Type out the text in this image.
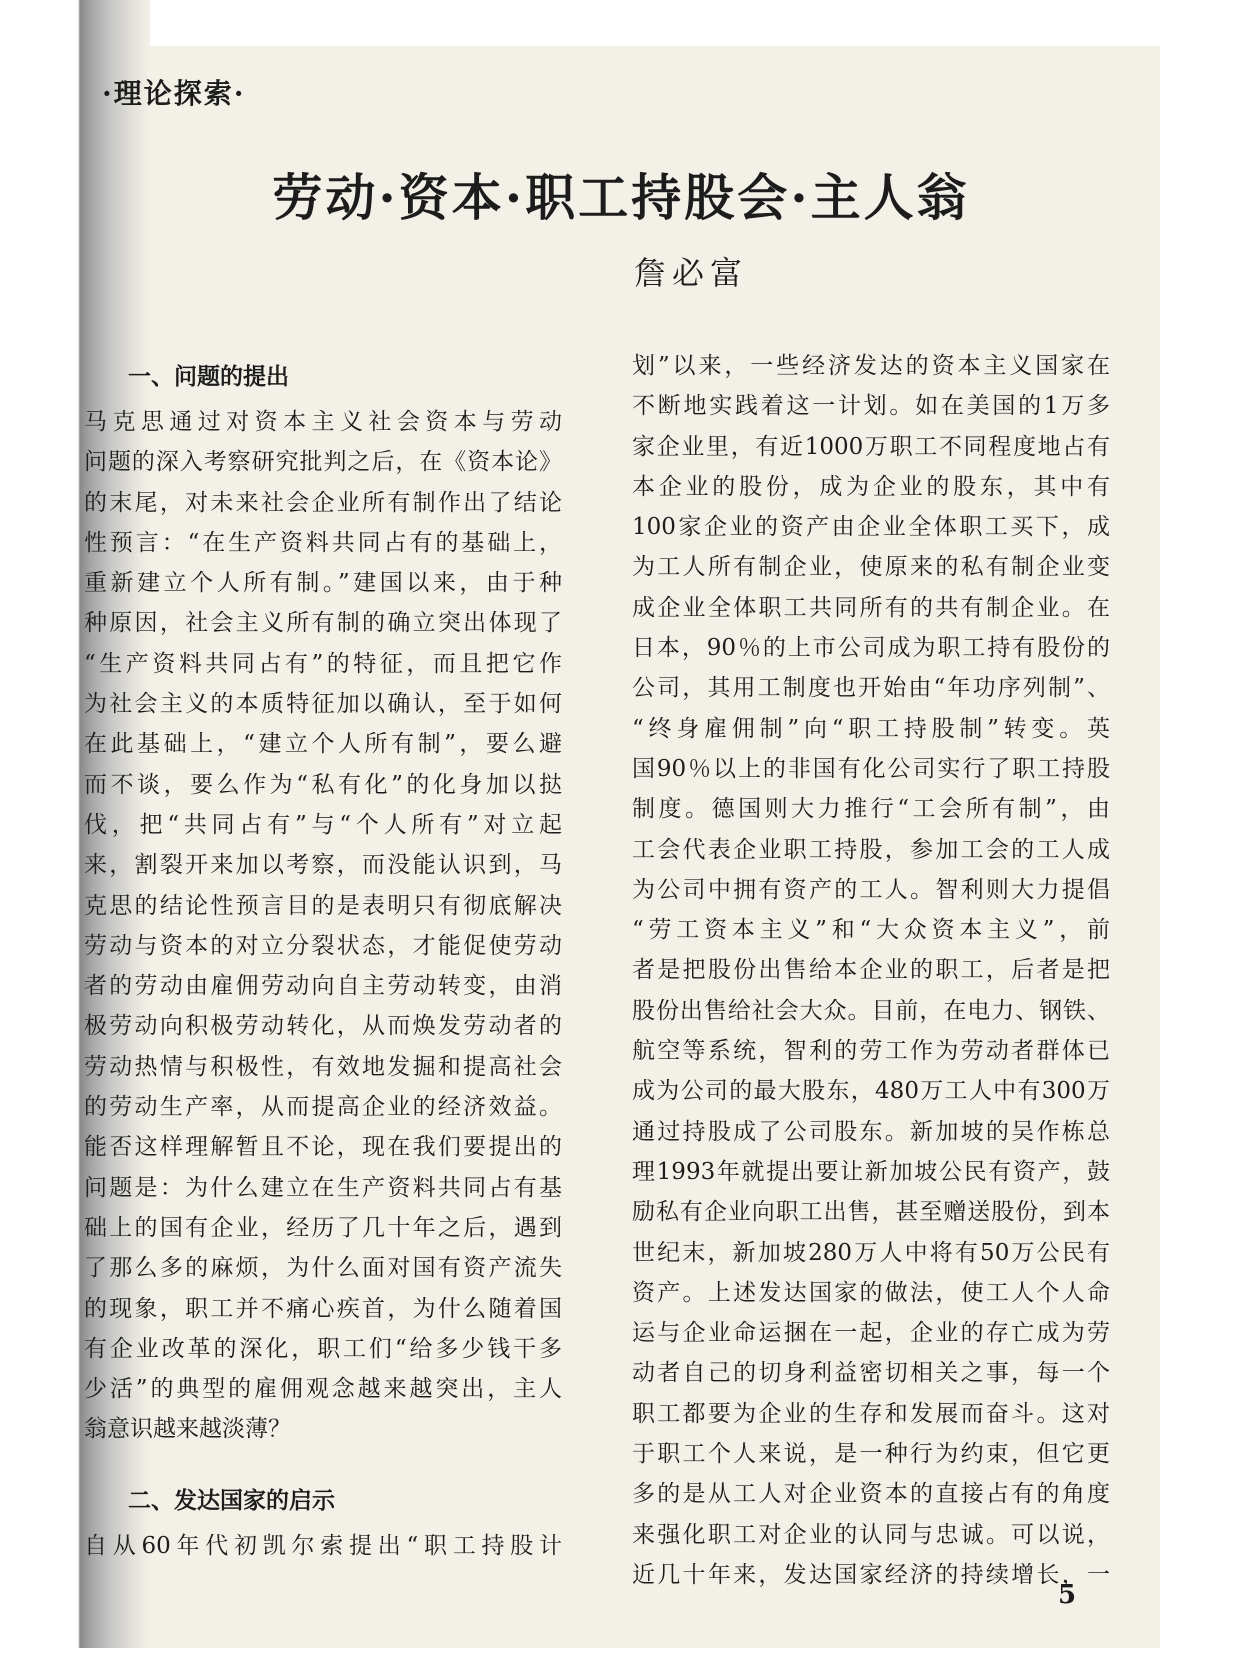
·理论探索·
劳动·资本·职工持股会·主人翁
詹必富

一、问题的提出

马克思通过对资本主义社会资本与劳动
问题的深入考察研究批判之后，在《资本论》
的末尾，对未来社会企业所有制作出了结论
性预言：“在生产资料共同占有的基础上，
重新建立个人所有制。”建国以来，由于种
种原因，社会主义所有制的确立突出体现了
“生产资料共同占有”的特征，而且把它作
为社会主义的本质特征加以确认，至于如何
在此基础上，“建立个人所有制”，要么避
而不谈，要么作为“私有化”的化身加以挞
伐，把“共同占有”与“个人所有”对立起
来，割裂开来加以考察，而没能认识到，马
克思的结论性预言目的是表明只有彻底解决
劳动与资本的对立分裂状态，才能促使劳动
者的劳动由雇佣劳动向自主劳动转变，由消
极劳动向积极劳动转化，从而焕发劳动者的
劳动热情与积极性，有效地发掘和提高社会
的劳动生产率，从而提高企业的经济效益。
能否这样理解暂且不论，现在我们要提出的
问题是：为什么建立在生产资料共同占有基
础上的国有企业，经历了几十年之后，遇到
了那么多的麻烦，为什么面对国有资产流失
的现象，职工并不痛心疾首，为什么随着国
有企业改革的深化，职工们“给多少钱干多
少活”的典型的雇佣观念越来越突出，主人
翁意识越来越淡薄？

二、发达国家的启示

自从60年代初凯尔索提出“职工持股计

划”以来，一些经济发达的资本主义国家在
不断地实践着这一计划。如在美国的1万多
家企业里，有近1000万职工不同程度地占有
本企业的股份，成为企业的股东，其中有
100家企业的资产由企业全体职工买下，成
为工人所有制企业，使原来的私有制企业变
成企业全体职工共同所有的共有制企业。在
日本，90％的上市公司成为职工持有股份的
公司，其用工制度也开始由“年功序列制”、
“终身雇佣制”向“职工持股制”转变。英
国90％以上的非国有化公司实行了职工持股
制度。德国则大力推行“工会所有制”，由
工会代表企业职工持股，参加工会的工人成
为公司中拥有资产的工人。智利则大力提倡
“劳工资本主义”和“大众资本主义”，前
者是把股份出售给本企业的职工，后者是把
股份出售给社会大众。目前，在电力、钢铁、
航空等系统，智利的劳工作为劳动者群体已
成为公司的最大股东，480万工人中有300万
通过持股成了公司股东。新加坡的吴作栋总
理1993年就提出要让新加坡公民有资产，鼓
励私有企业向职工出售，甚至赠送股份，到本
世纪末，新加坡280万人中将有50万公民有
资产。上述发达国家的做法，使工人个人命
运与企业命运捆在一起，企业的存亡成为劳
动者自己的切身利益密切相关之事，每一个
职工都要为企业的生存和发展而奋斗。这对
于职工个人来说，是一种行为约束，但它更
多的是从工人对企业资本的直接占有的角度
来强化职工对企业的认同与忠诚。可以说，
近几十年来，发达国家经济的持续增长，一

5
